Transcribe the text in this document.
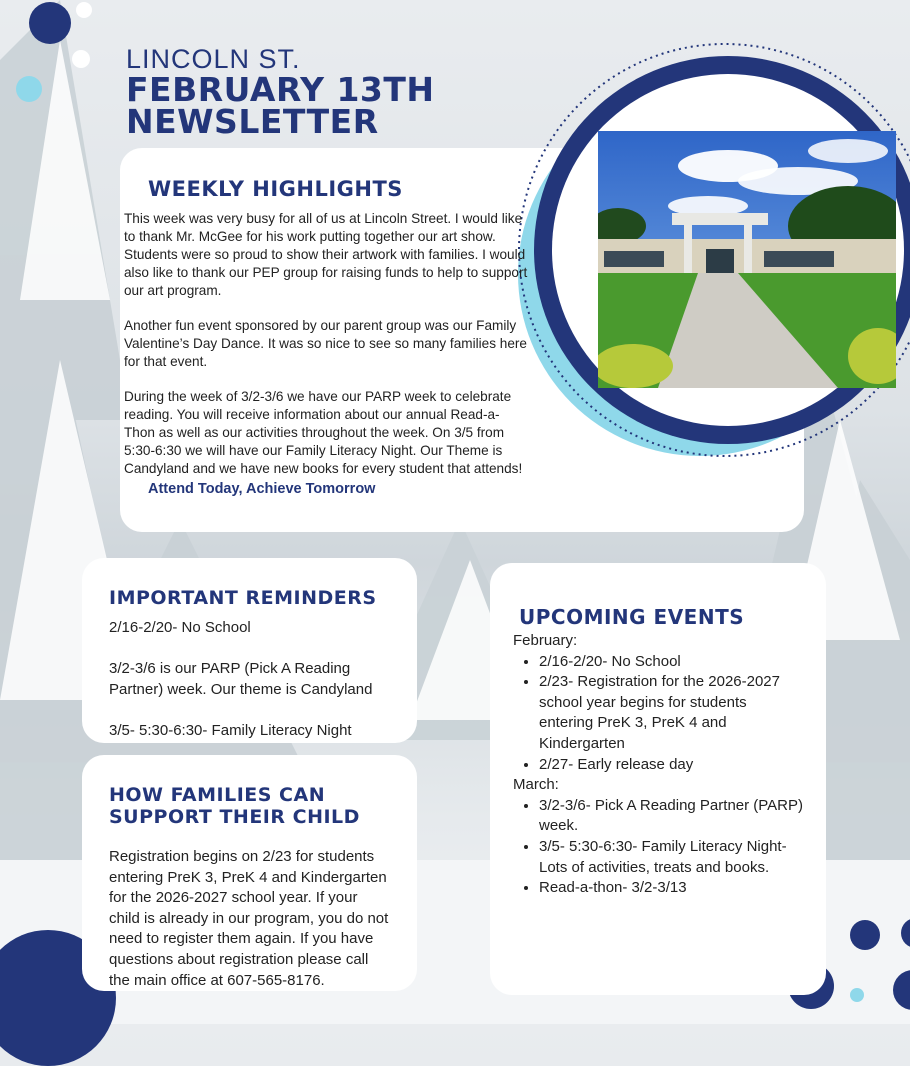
LINCOLN ST.
FEBRUARY 13TH
NEWSLETTER
WEEKLY HIGHLIGHTS
This week was very busy for all of us at Lincoln Street. I would like to thank Mr. McGee for his work putting together our art show. Students were so proud to show their artwork with families. I would also like to thank our PEP group for raising funds to help to support our art program.
Another fun event sponsored by our parent group was our Family Valentine’s Day Dance. It was so nice to see so many families here for that event.
During the week of 3/2-3/6 we have our PARP week to celebrate reading. You will receive information about our annual Read-a-Thon as well as our activities throughout the week. On 3/5 from 5:30-6:30 we will have our Family Literacy Night. Our Theme is Candyland and we have new books for every student that attends!
Attend Today, Achieve Tomorrow
IMPORTANT REMINDERS
2/16-2/20- No School
3/2-3/6 is our PARP (Pick A Reading Partner) week. Our theme is Candyland
3/5- 5:30-6:30- Family Literacy Night
HOW FAMILIES CAN
SUPPORT THEIR CHILD
Registration begins on 2/23 for students entering PreK 3, PreK 4 and Kindergarten for the 2026-2027 school year. If your child is already in our program, you do not need to register them again. If you have questions about registration please call the main office at 607-565-8176.
UPCOMING EVENTS
February:
• 2/16-2/20- No School
• 2/23- Registration for the 2026-2027 school year begins for students entering PreK 3, PreK 4 and Kindergarten
• 2/27- Early release day
March:
• 3/2-3/6- Pick A Reading Partner (PARP) week.
• 3/5- 5:30-6:30- Family Literacy Night- Lots of activities, treats and books.
• Read-a-thon- 3/2-3/13
